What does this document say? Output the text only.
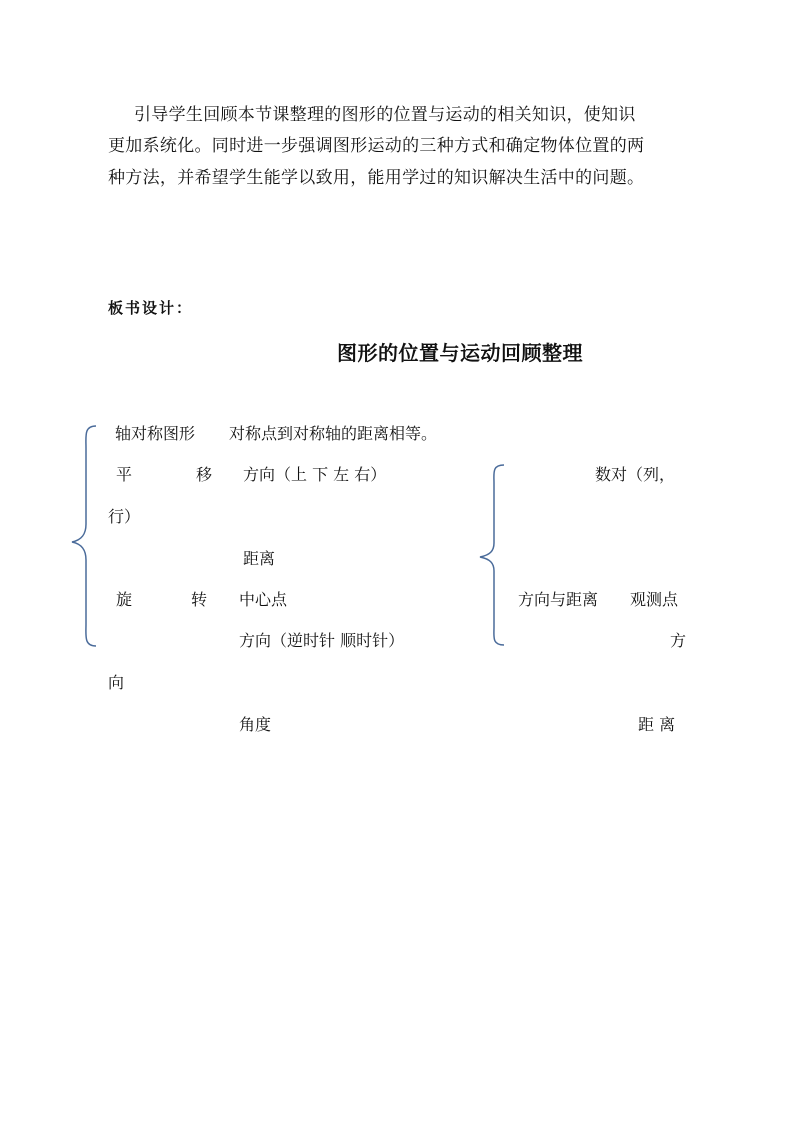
引导学生回顾本节课整理的图形的位置与运动的相关知识，使知识
更加系统化。同时进一步强调图形运动的三种方式和确定物体位置的两
种方法，并希望学生能学以致用，能用学过的知识解决生活中的问题。
板书设计：
图形的位置与运动回顾整理
轴对称图形 对称点到对称轴的距离相等。
平	移 方向（上 下 左 右）
距离
旋	转 中心点
方向（逆时针 顺时针）
角度
数对（列，
行）
方向与距离 观测点
方
向
距 离
